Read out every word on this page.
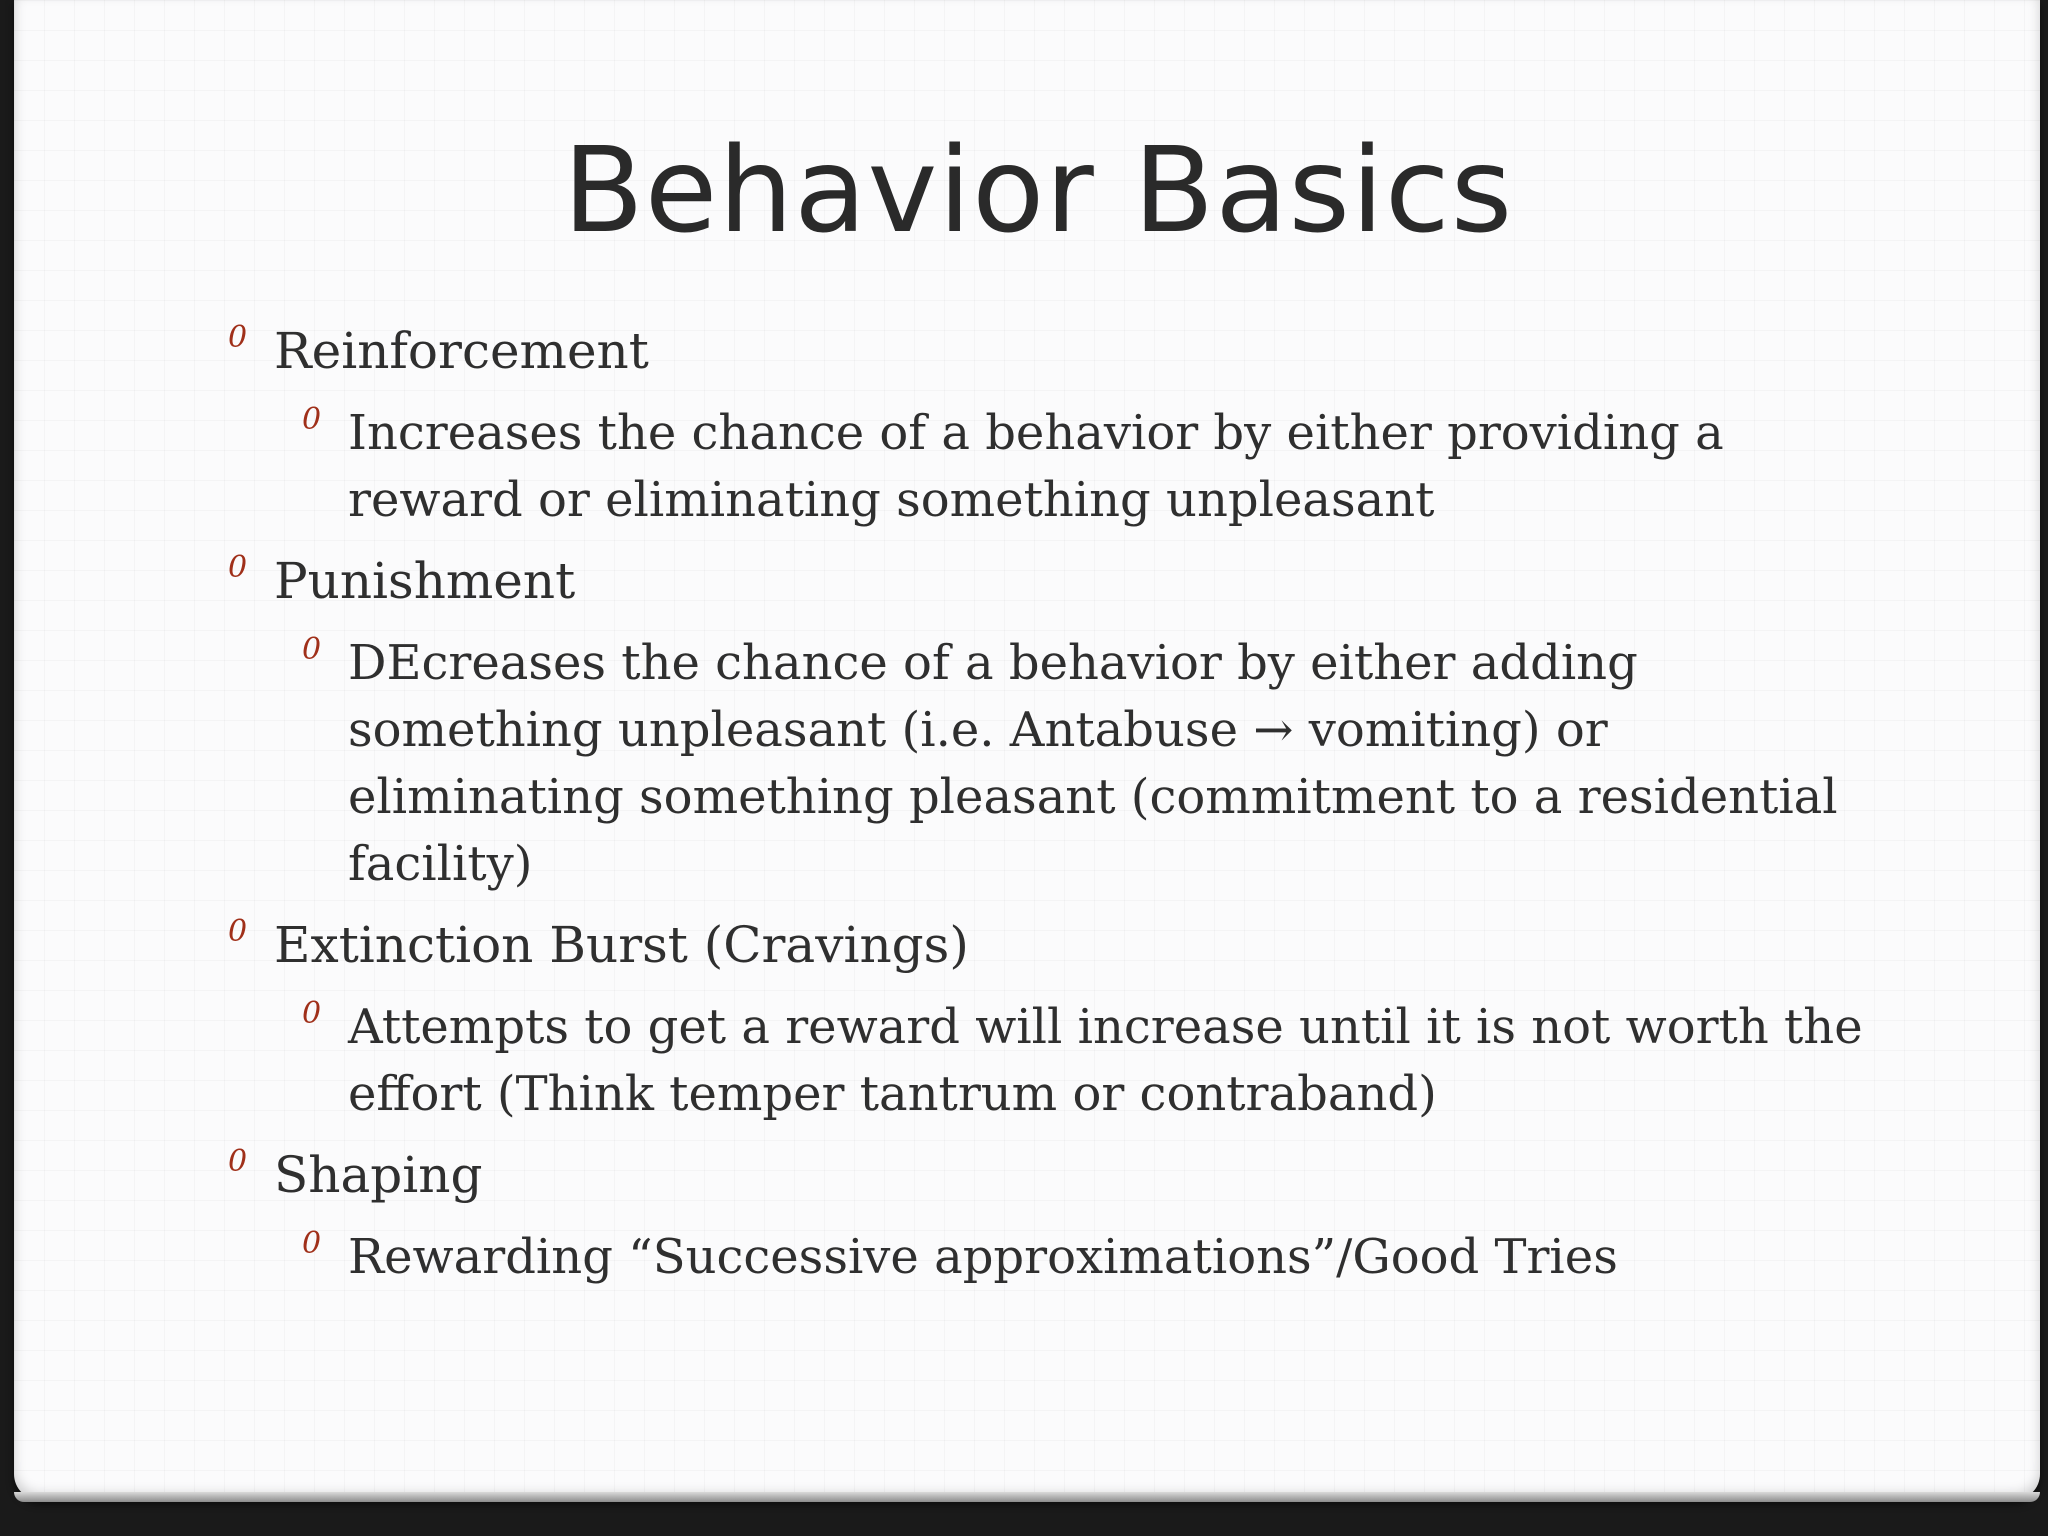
Behavior Basics
0 Reinforcement
0 Increases the chance of a behavior by either providing a reward or eliminating something unpleasant
0 Punishment
0 DEcreases the chance of a behavior by either adding something unpleasant (i.e. Antabuse → vomiting) or eliminating something pleasant (commitment to a residential facility)
0 Extinction Burst (Cravings)
0 Attempts to get a reward will increase until it is not worth the effort (Think temper tantrum or contraband)
0 Shaping
0 Rewarding “Successive approximations”/Good Tries
